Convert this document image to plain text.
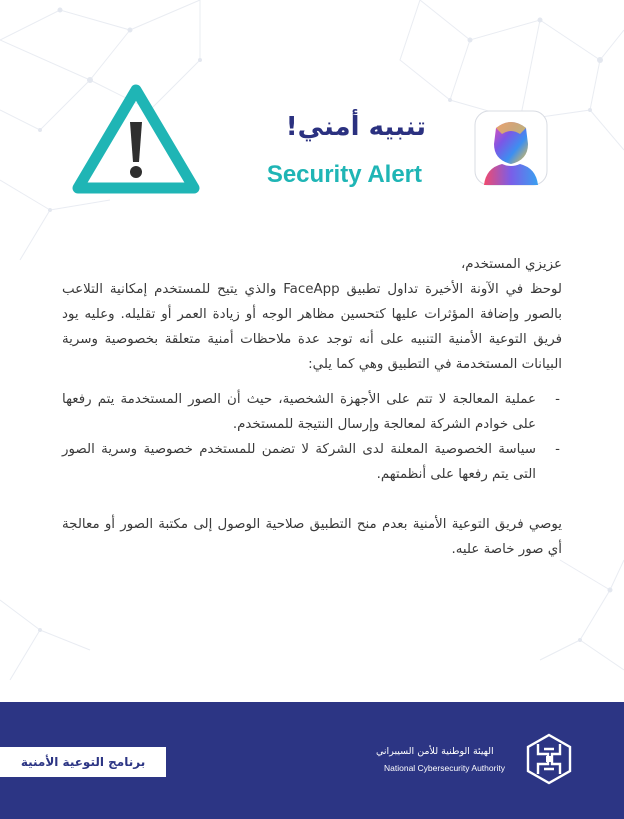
تنبيه أمني!
Security Alert

عزيزي المستخدم،

لوحظ في الآونة الأخيرة تداول تطبيق FaceApp والذي يتيح للمستخدم إمكانية التلاعب بالصور وإضافة المؤثرات عليها كتحسين مظاهر الوجه أو زيادة العمر أو تقليله. وعليه يود فريق التوعية الأمنية التنبيه على أنه توجد عدة ملاحظات أمنية متعلقة بخصوصية وسرية البيانات المستخدمة في التطبيق وهي كما يلي:

-
عملية المعالجة لا تتم على الأجهزة الشخصية، حيث أن الصور المستخدمة يتم رفعها على خوادم الشركة لمعالجة وإرسال النتيجة للمستخدم.
-
سياسة الخصوصية المعلنة لدى الشركة لا تضمن للمستخدم خصوصية وسرية الصور التى يتم رفعها على أنظمتهم.

يوصي فريق التوعية الأمنية بعدم منح التطبيق صلاحية الوصول إلى مكتبة الصور أو معالجة أي صور خاصة عليه.

برنامج التوعية الأمنية
الهيئة الوطنية للأمن السيبراني
National Cybersecurity Authority
